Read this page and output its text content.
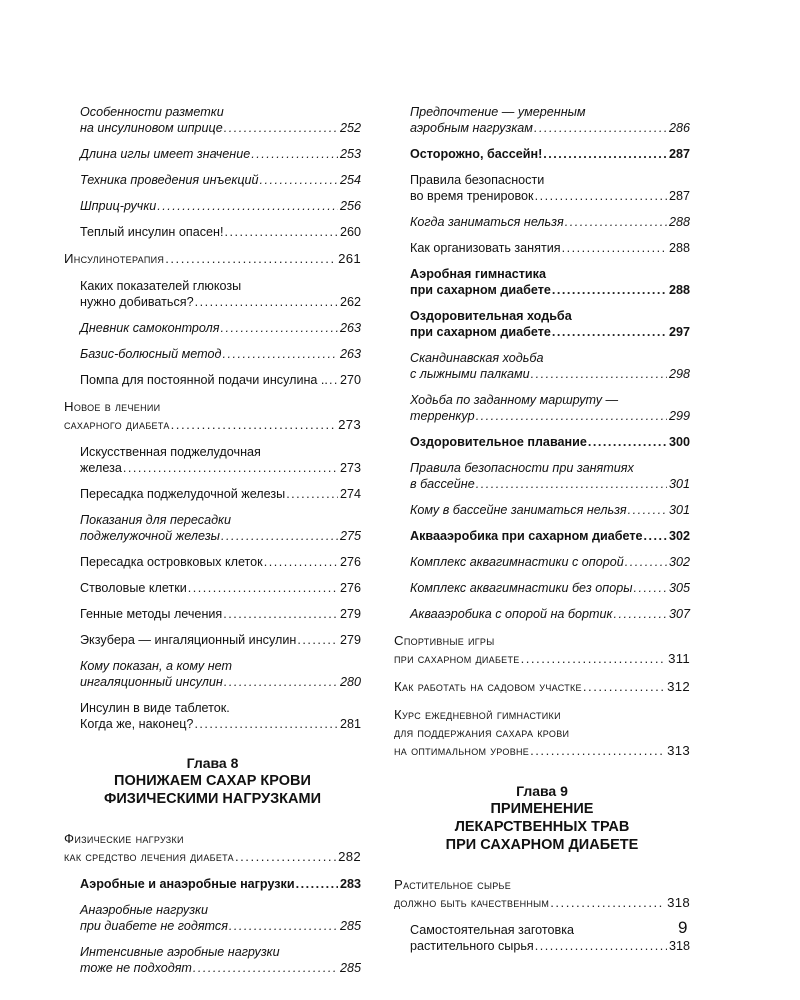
Особенности разметки
на инсулиновом шприце .....	252
Длина иглы имеет значение .....	253
Техника проведения инъекций .....	254
Шприц-ручки .....	256
Теплый инсулин опасен! .....	260
Инсулинотерапия .....	261
Каких показателей глюкозы
нужно добиваться? .....	262
Дневник самоконтроля .....	263
Базис-болюсный метод .....	263
Помпа для постоянной подачи инсулина .. ..... 270
Новое в лечении
сахарного диабета .....	273
Искусственная поджелудочная
железа .....	273
Пересадка поджелудочной железы .....	274
Показания для пересадки
поджелужочной железы .....	275
Пересадка островковых клеток .....	276
Стволовые клетки .....	276
Генные методы лечения .....	279
Экзубера — ингаляционный инсулин .....	279
Кому показан, а кому нет
ингаляционный инсулин .....	280
Инсулин в виде таблеток.
Когда же, наконец? .....	281
Глава 8
ПОНИЖАЕМ САХАР КРОВИ
ФИЗИЧЕСКИМИ НАГРУЗКАМИ
Физические нагрузки
как средство лечения диабета .....	282
Аэробные и анаэробные нагрузки .....	283
Анаэробные нагрузки
при диабете не годятся .....	285
Интенсивные аэробные нагрузки
тоже не подходят .....	285
Предпочтение — умеренным
аэробным нагрузкам .....	286
Осторожно, бассейн! .....	287
Правила безопасности
во время тренировок .....	287
Когда заниматься нельзя .....	288
Как организовать занятия .....	288
Аэробная гимнастика
при сахарном диабете .....	288
Оздоровительная ходьба
при сахарном диабете .....	297
Скандинавская ходьба
с лыжными палками .....	298
Ходьба по заданному маршруту —
терренкур .....	299
Оздоровительное плавание .....	300
Правила безопасности при занятиях
в бассейне .....	301
Кому в бассейне заниматься нельзя .....	301
Аквааэробика при сахарном диабете ..... 302
Комплекс аквагимнастики с опорой .....	302
Комплекс аквагимнастики без опоры .....	305
Аквааэробика с опорой на бортик .....	307
Спортивные игры
при сахарном диабете .....	311
Как работать на садовом участке .....	312
Курс ежедневной гимнастики
для поддержания сахара крови
на оптимальном уровне .....	313
Глава 9
ПРИМЕНЕНИЕ
ЛЕКАРСТВЕННЫХ ТРАВ
ПРИ САХАРНОМ ДИАБЕТЕ
Растительное сырье
должно быть качественным .....	318
Самостоятельная заготовка
растительного сырья .....	318
9
